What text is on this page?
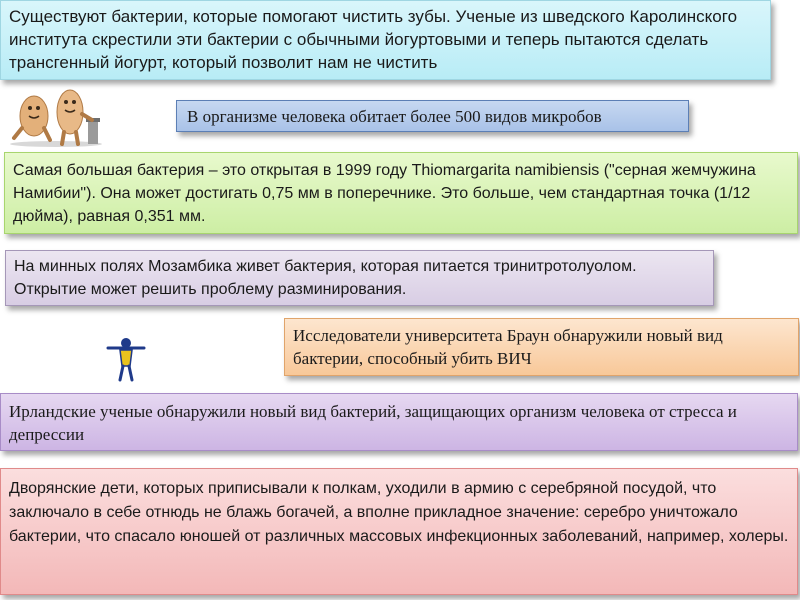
Существуют бактерии, которые помогают чистить зубы. Ученые из шведского Каролинского института скрестили эти бактерии с обычными йогуртовыми и теперь пытаются сделать трансгенный йогурт, который позволит нам не чистить
В организме человека обитает более 500 видов микробов
Самая большая бактерия – это открытая в 1999 году Thiomargarita namibiensis ("серная жемчужина Намибии"). Она может достигать 0,75 мм в поперечнике. Это больше, чем стандартная точка (1/12 дюйма), равная 0,351 мм.
На минных полях Мозамбика живет бактерия, которая питается тринитротолуолом. Открытие может решить проблему разминирования.
Исследователи университета Браун обнаружили новый вид бактерии, способный убить ВИЧ
Ирландские ученые обнаружили новый вид бактерий, защищающих организм человека от стресса и депрессии
Дворянские дети, которых приписывали к полкам, уходили в армию с серебряной посудой, что заключало в себе отнюдь не блажь богачей, а вполне прикладное значение: серебро уничтожало бактерии, что спасало юношей от различных массовых инфекционных заболеваний, например, холеры.
